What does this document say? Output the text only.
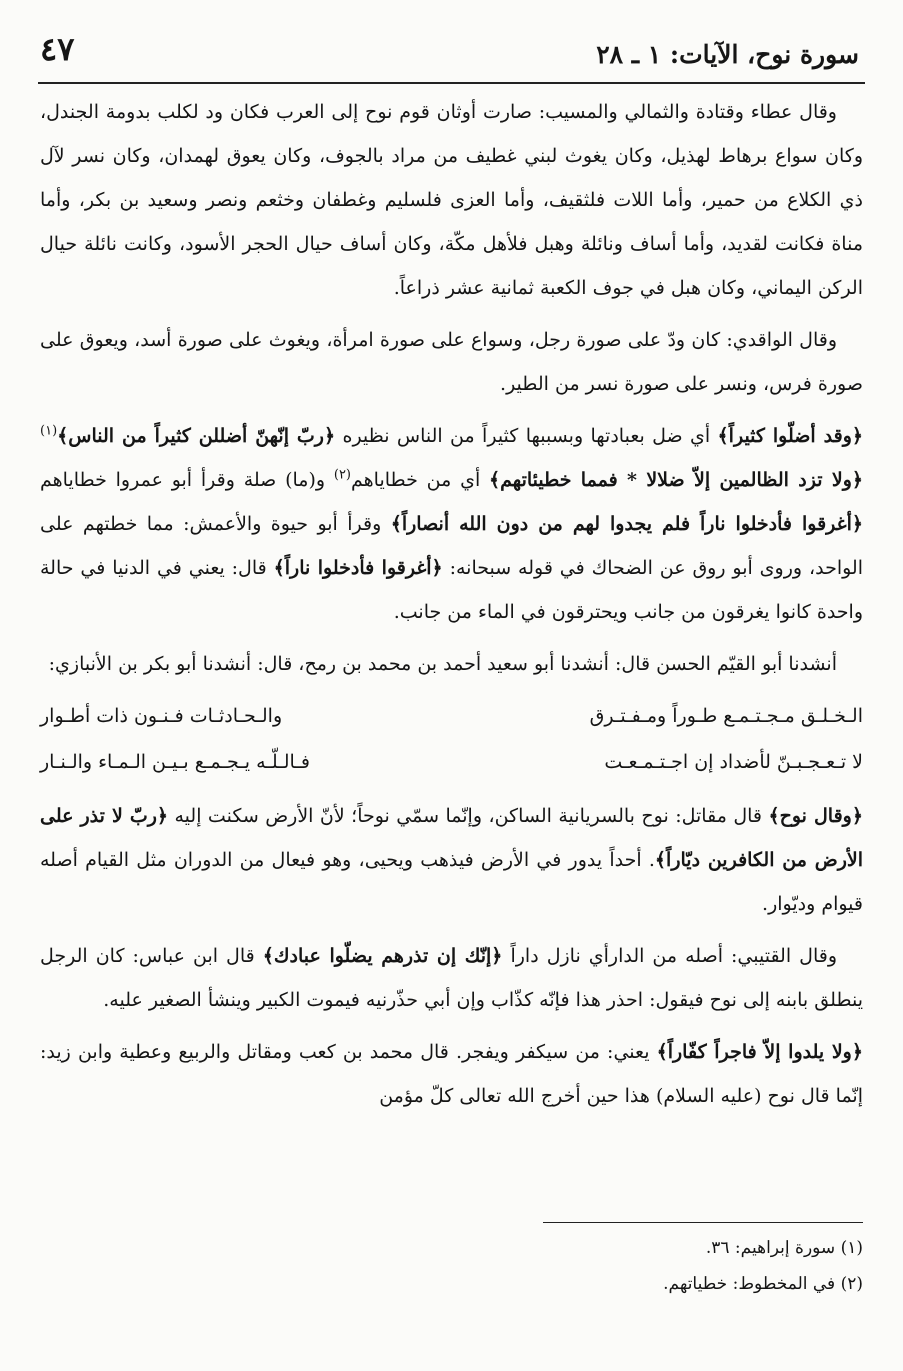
سورة نوح، الآيات: ١ ـ ٢٨
٤٧

وقال عطاء وقتادة والثمالي والمسيب: صارت أوثان قوم نوح إلى العرب فكان ود لكلب بدومة الجندل، وكان سواع برهاط لهذيل، وكان يغوث لبني غطيف من مراد بالجوف، وكان يعوق لهمدان، وكان نسر لآل ذي الكلاع من حمير، وأما اللات فلثقيف، وأما العزى فلسليم وغطفان وخثعم ونصر وسعيد بن بكر، وأما مناة فكانت لقديد، وأما أساف ونائلة وهبل فلأهل مكّة، وكان أساف حيال الحجر الأسود، وكانت نائلة حيال الركن اليماني، وكان هبل في جوف الكعبة ثمانية عشر ذراعاً.

وقال الواقدي: كان ودّ على صورة رجل، وسواع على صورة امرأة، ويغوث على صورة أسد، ويعوق على صورة فرس، ونسر على صورة نسر من الطير.

﴿وقد أضلّوا كثيراً﴾ أي ضل بعبادتها وبسببها كثيراً من الناس نظيره ﴿ربّ إنّهنّ أضللن كثيراً من الناس﴾$^{(١)}$ ﴿ولا تزد الظالمين إلاّ ضلالا * فمما خطيئاتهم﴾ أي من خطاياهم$^{(٢)}$ و(ما) صلة وقرأ أبو عمروا خطاياهم ﴿أغرقوا فأدخلوا ناراً فلم يجدوا لهم من دون الله أنصاراً﴾ وقرأ أبو حيوة والأعمش: مما خطتهم على الواحد، وروى أبو روق عن الضحاك في قوله سبحانه: ﴿أغرقوا فأدخلوا ناراً﴾ قال: يعني في الدنيا في حالة واحدة كانوا يغرقون من جانب ويحترقون في الماء من جانب.

أنشدنا أبو القيّم الحسن قال: أنشدنا أبو سعيد أحمد بن محمد بن رمح، قال: أنشدنا أبو بكر بن الأنبازي:

الـخـلـق مـجـتـمـع طـوراً ومـفـتـرق
والـحـادثـات فـنـون ذات أطـوار
لا تـعـجـبـنّ لأضداد إن اجـتـمـعـت
فـالـلّـه يـجـمـع بـيـن الـمـاء والـنـار

﴿وقال نوح﴾ قال مقاتل: نوح بالسريانية الساكن، وإنّما سمّي نوحاً؛ لأنّ الأرض سكنت إليه ﴿ربّ لا تذر على الأرض من الكافرين ديّاراً﴾. أحداً يدور في الأرض فيذهب ويحيى، وهو فيعال من الدوران مثل القيام أصله قيوام وديّوار.

وقال القتيبي: أصله من الدارأي نازل داراً ﴿إنّك إن تذرهم يضلّوا عبادك﴾ قال ابن عباس: كان الرجل ينطلق بابنه إلى نوح فيقول: احذر هذا فإنّه كذّاب وإن أبي حذّرنيه فيموت الكبير وينشأ الصغير عليه.

﴿ولا يلدوا إلاّ فاجراً كفّاراً﴾ يعني: من سيكفر ويفجر. قال محمد بن كعب ومقاتل والربيع وعطية وابن زيد: إنّما قال نوح (عليه السلام) هذا حين أخرج الله تعالى كلّ مؤمن

(١) سورة إبراهيم: ٣٦.
(٢) في المخطوط: خطياتهم.
